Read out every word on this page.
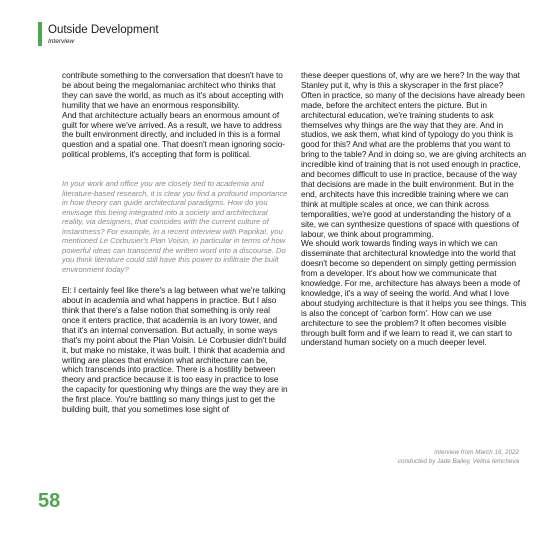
Outside Development
Interview

contribute something to the conversation that doesn't have to be about being the megalomaniac architect who thinks that they can save the world, as much as it's about accepting with humility that we have an enormous responsibility.

And that architecture actually bears an enormous amount of guilt for where we've arrived. As a result, we have to address the built environment directly, and included in this is a formal question and a spatial one. That doesn't mean ignoring socio-political problems, it's accepting that form is political.

In your work and office you are closely tied to academia and literature-based research, it is clear you find a profound importance in how theory can guide architectural paradigms. How do you envisage this being integrated into a society and architectural reality, via designers, that coincides with the current culture of instantness? For example, in a recent interview with Paprika!, you mentioned Le Corbusier's Plan Voisin, in particular in terms of how powerful ideas can transcend the written word into a discourse. Do you think literature could still have this power to infiltrate the built environment today?

El: I certainly feel like there's a lag between what we're talking about in academia and what happens in practice. But I also think that there's a false notion that something is only real once it enters practice, that academia is an ivory tower, and that it's an internal conversation. But actually, in some ways that's my point about the Plan Voisin. Le Corbusier didn't build it, but make no mistake, it was built. I think that academia and writing are places that envision what architecture can be, which transcends into practice. There is a hostility between theory and practice because it is too easy in practice to lose the capacity for questioning why things are the way they are in the first place. You're battling so many things just to get the building built, that you sometimes lose sight of

these deeper questions of, why are we here? In the way that Stanley put it, why is this a skyscraper in the first place?

Often in practice, so many of the decisions have already been made, before the architect enters the picture. But in architectural education, we're training students to ask themselves why things are the way that they are. And in studios, we ask them, what kind of typology do you think is good for this? And what are the problems that you want to bring to the table? And in doing so, we are giving architects an incredible kind of training that is not used enough in practice, and becomes difficult to use in practice, because of the way that decisions are made in the built environment. But in the end, architects have this incredible training where we can think at multiple scales at once, we can think across temporalities, we're good at understanding the history of a site, we can synthesize questions of space with questions of labour, we think about programming.

We should work towards finding ways in which we can disseminate that architectural knowledge into the world that doesn't become so dependent on simply getting permission from a developer. It's about how we communicate that knowledge. For me, architecture has always been a mode of knowledge, it's a way of seeing the world. And what I love about studying architecture is that it helps you see things. This is also the concept of 'carbon form'. How can we use architecture to see the problem? It often becomes visible through built form and if we learn to read it, we can start to understand human society on a much deeper level.

interview from March 16, 2022
conducted by Jade Bailey, Velina Iemcheva
58
